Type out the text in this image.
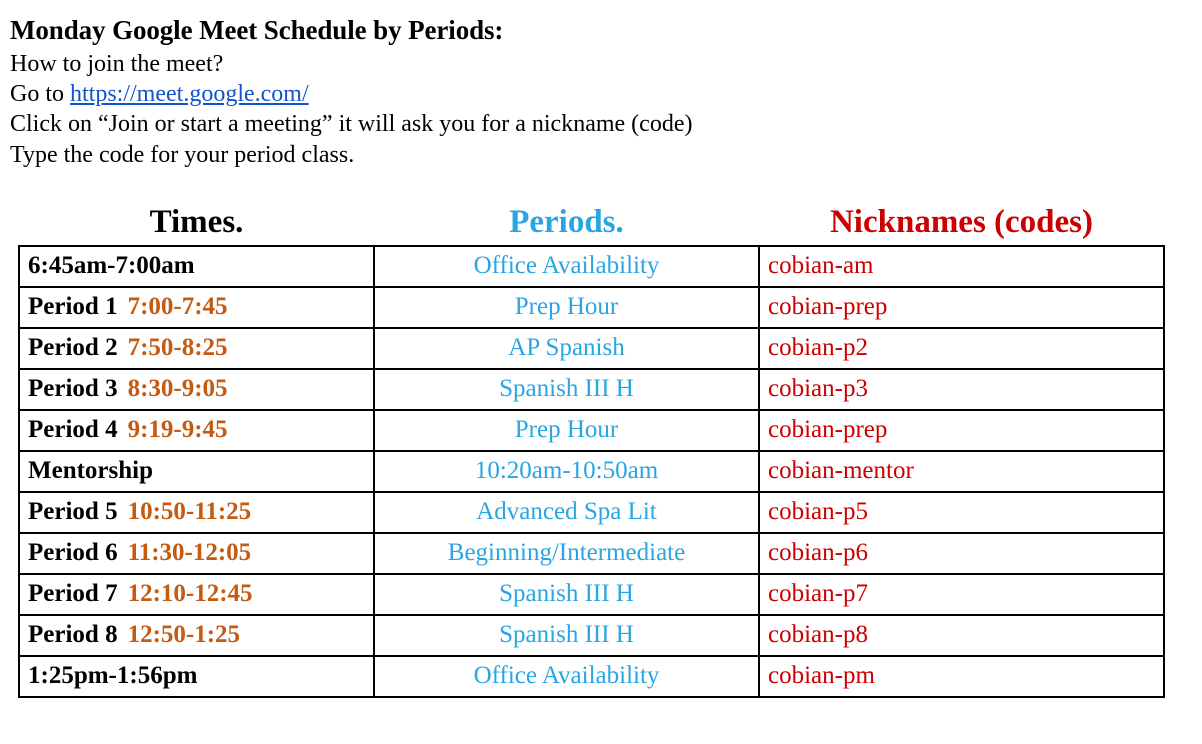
Monday Google Meet Schedule by Periods:

How to join the meet?

Go to https://meet.google.com/

Click on “Join or start a meeting” it will ask you for a nickname (code)

Type the code for your period class.

Times.	Periods.	Nicknames (codes)
6:45am-7:00am	Office Availability	cobian-am
Period 1 7:00-7:45	Prep Hour	cobian-prep
Period 2 7:50-8:25	AP Spanish	cobian-p2
Period 3 8:30-9:05	Spanish III H	cobian-p3
Period 4 9:19-9:45	Prep Hour	cobian-prep
Mentorship	10:20am-10:50am	cobian-mentor
Period 5 10:50-11:25	Advanced Spa Lit	cobian-p5
Period 6 11:30-12:05	Beginning/Intermediate	cobian-p6
Period 7 12:10-12:45	Spanish III H	cobian-p7
Period 8 12:50-1:25	Spanish III H	cobian-p8
1:25pm-1:56pm	Office Availability	cobian-pm
